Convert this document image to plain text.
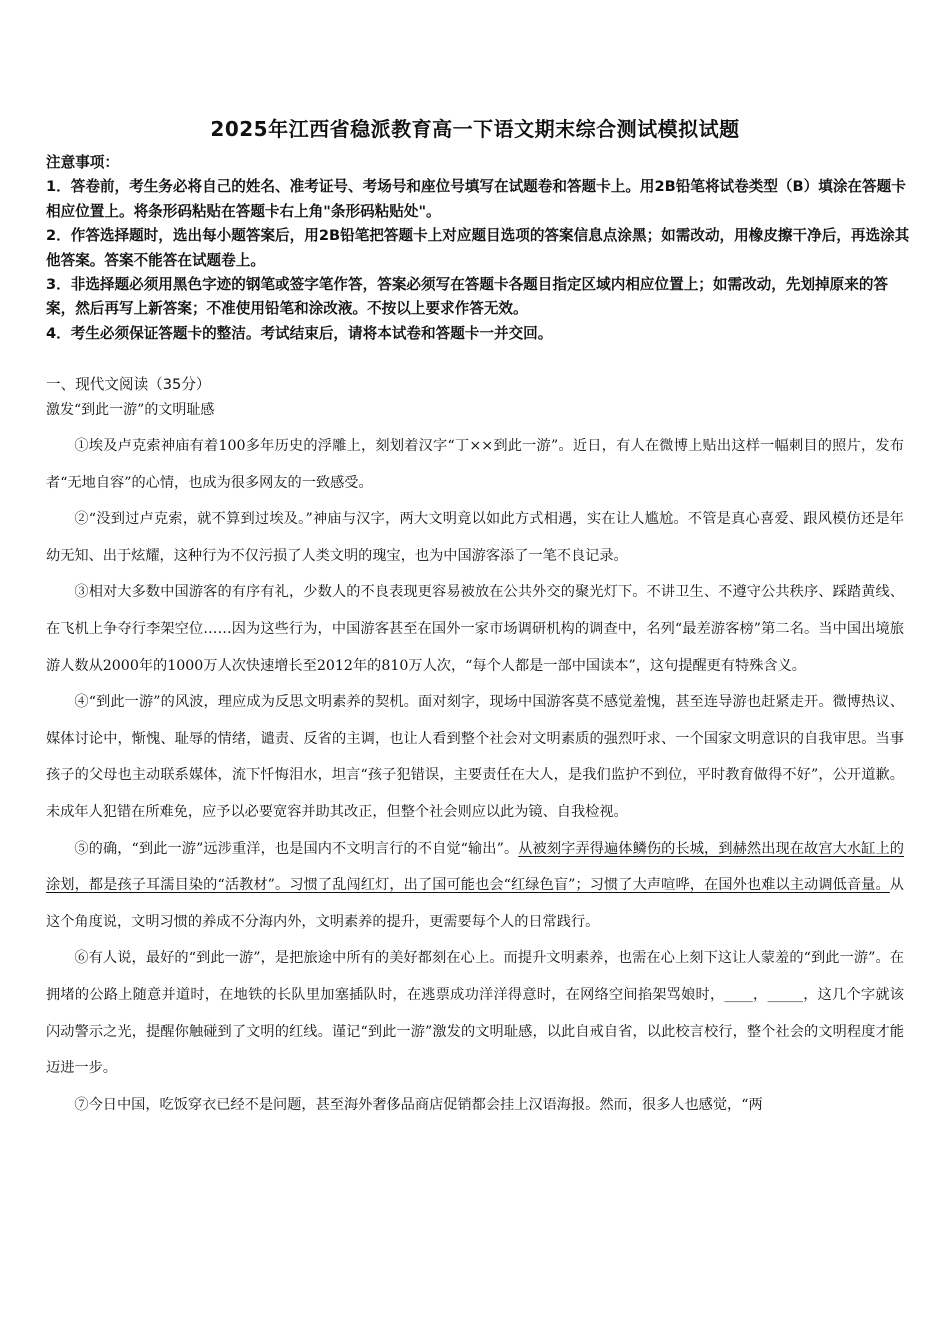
2025年江西省稳派教育高一下语文期末综合测试模拟试题

注意事项：

1．答卷前，考生务必将自己的姓名、准考证号、考场号和座位号填写在试题卷和答题卡上。用2B铅笔将试卷类型（B）填涂在答题卡相应位置上。将条形码粘贴在答题卡右上角"条形码粘贴处"。

2．作答选择题时，选出每小题答案后，用2B铅笔把答题卡上对应题目选项的答案信息点涂黑；如需改动，用橡皮擦干净后，再选涂其他答案。答案不能答在试题卷上。

3．非选择题必须用黑色字迹的钢笔或签字笔作答，答案必须写在答题卡各题目指定区域内相应位置上；如需改动，先划掉原来的答案，然后再写上新答案；不准使用铅笔和涂改液。不按以上要求作答无效。

4．考生必须保证答题卡的整洁。考试结束后，请将本试卷和答题卡一并交回。

一、现代文阅读（35分）
激发“到此一游”的文明耻感

①埃及卢克索神庙有着100多年历史的浮雕上，刻划着汉字“丁××到此一游”。近日，有人在微博上贴出这样一幅刺目的照片，发布者“无地自容”的心情，也成为很多网友的一致感受。

②“没到过卢克索，就不算到过埃及。”神庙与汉字，两大文明竟以如此方式相遇，实在让人尴尬。不管是真心喜爱、跟风模仿还是年幼无知、出于炫耀，这种行为不仅污损了人类文明的瑰宝，也为中国游客添了一笔不良记录。

③相对大多数中国游客的有序有礼，少数人的不良表现更容易被放在公共外交的聚光灯下。不讲卫生、不遵守公共秩序、踩踏黄线、在飞机上争夺行李架空位……因为这些行为，中国游客甚至在国外一家市场调研机构的调查中，名列“最差游客榜”第二名。当中国出境旅游人数从2000年的1000万人次快速增长至2012年的810万人次，“每个人都是一部中国读本”，这句提醒更有特殊含义。

④“到此一游”的风波，理应成为反思文明素养的契机。面对刻字，现场中国游客莫不感觉羞愧，甚至连导游也赶紧走开。微博热议、媒体讨论中，惭愧、耻辱的情绪，谴责、反省的主调，也让人看到整个社会对文明素质的强烈吁求、一个国家文明意识的自我审思。当事孩子的父母也主动联系媒体，流下忏悔泪水，坦言“孩子犯错误，主要责任在大人，是我们监护不到位，平时教育做得不好”，公开道歉。未成年人犯错在所难免，应予以必要宽容并助其改正，但整个社会则应以此为镜、自我检视。

⑤的确，“到此一游”远涉重洋，也是国内不文明言行的不自觉“输出”。从被刻字弄得遍体鳞伤的长城，到赫然出现在故宫大水缸上的涂划，都是孩子耳濡目染的“活教材”。习惯了乱闯红灯，出了国可能也会“红绿色盲”；习惯了大声喧哗，在国外也难以主动调低音量。从这个角度说，文明习惯的养成不分海内外，文明素养的提升，更需要每个人的日常践行。

⑥有人说，最好的“到此一游”，是把旅途中所有的美好都刻在心上。而提升文明素养，也需在心上刻下这让人蒙羞的“到此一游”。在拥堵的公路上随意并道时，在地铁的长队里加塞插队时，在逃票成功洋洋得意时，在网络空间掐架骂娘时，____，_____，这几个字就该闪动警示之光，提醒你触碰到了文明的红线。谨记“到此一游”激发的文明耻感，以此自戒自省，以此校言校行，整个社会的文明程度才能迈进一步。

⑦今日中国，吃饭穿衣已经不是问题，甚至海外奢侈品商店促销都会挂上汉语海报。然而，很多人也感觉，“两
